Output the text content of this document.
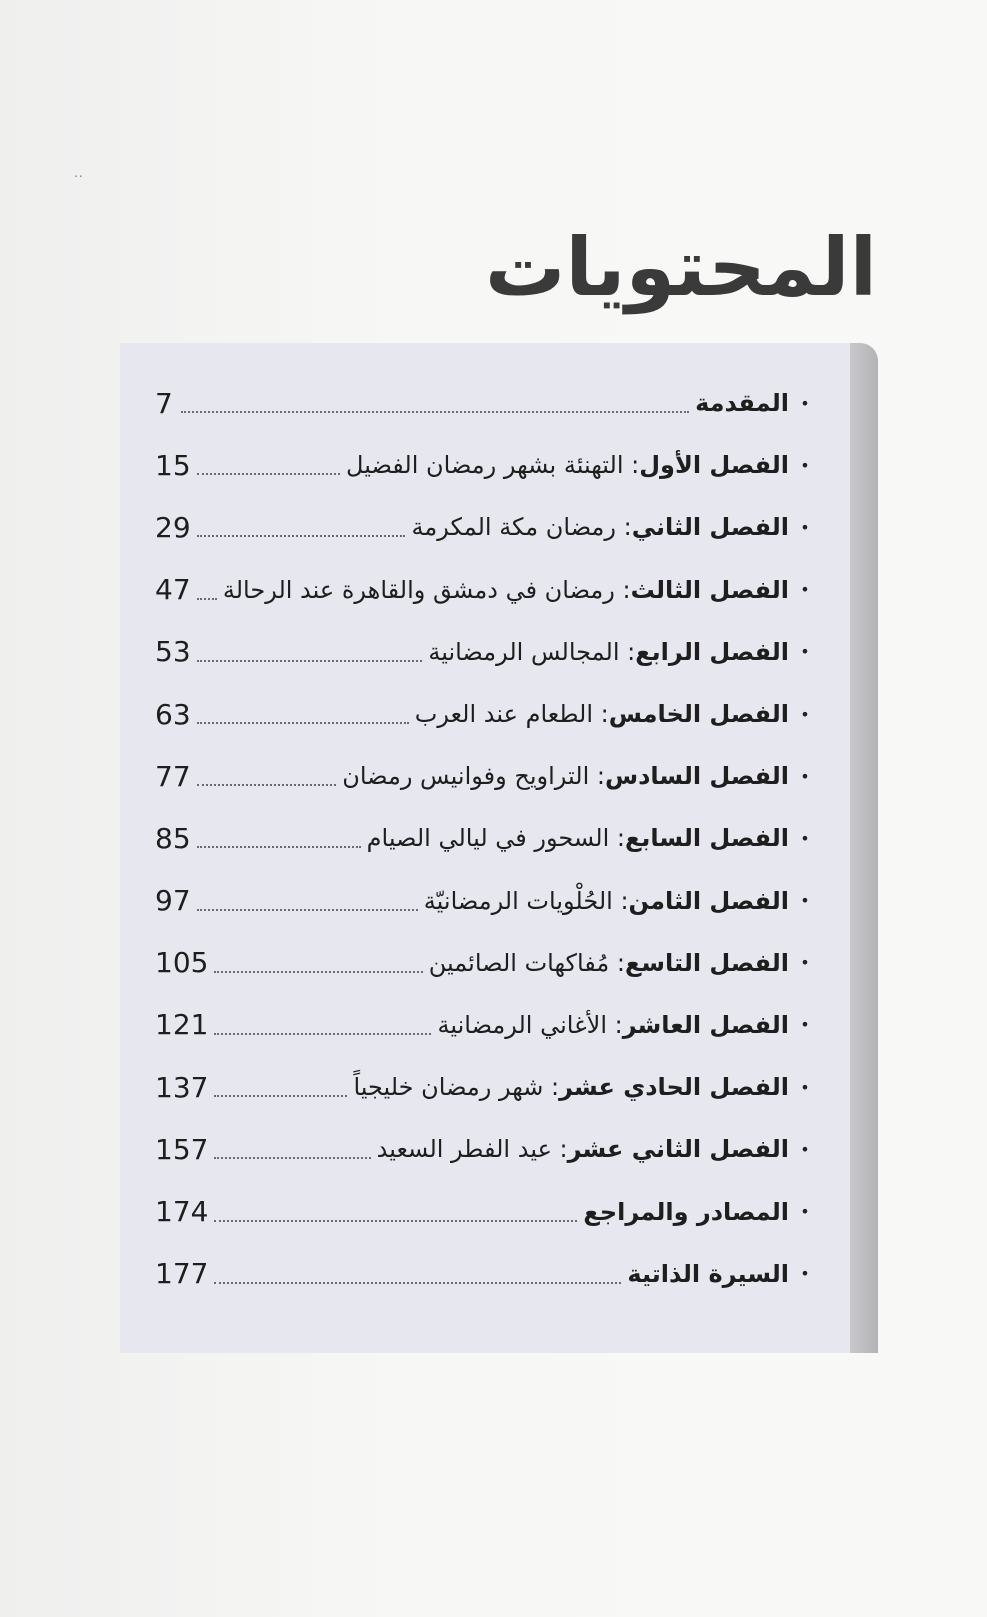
..
المحتويات
•
المقدمة
7
•
الفصل الأول: التهنئة بشهر رمضان الفضيل
15
•
الفصل الثاني: رمضان مكة المكرمة
29
•
الفصل الثالث: رمضان في دمشق والقاهرة عند الرحالة
47
•
الفصل الرابع: المجالس الرمضانية
53
•
الفصل الخامس: الطعام عند العرب
63
•
الفصل السادس: التراويح وفوانيس رمضان
77
•
الفصل السابع: السحور في ليالي الصيام
85
•
الفصل الثامن: الحُلْويات الرمضانيّة
97
•
الفصل التاسع: مُفاكهات الصائمين
105
•
الفصل العاشر: الأغاني الرمضانية
121
•
الفصل الحادي عشر: شهر رمضان خليجياً
137
•
الفصل الثاني عشر: عيد الفطر السعيد
157
•
المصادر والمراجع
174
•
السيرة الذاتية
177
